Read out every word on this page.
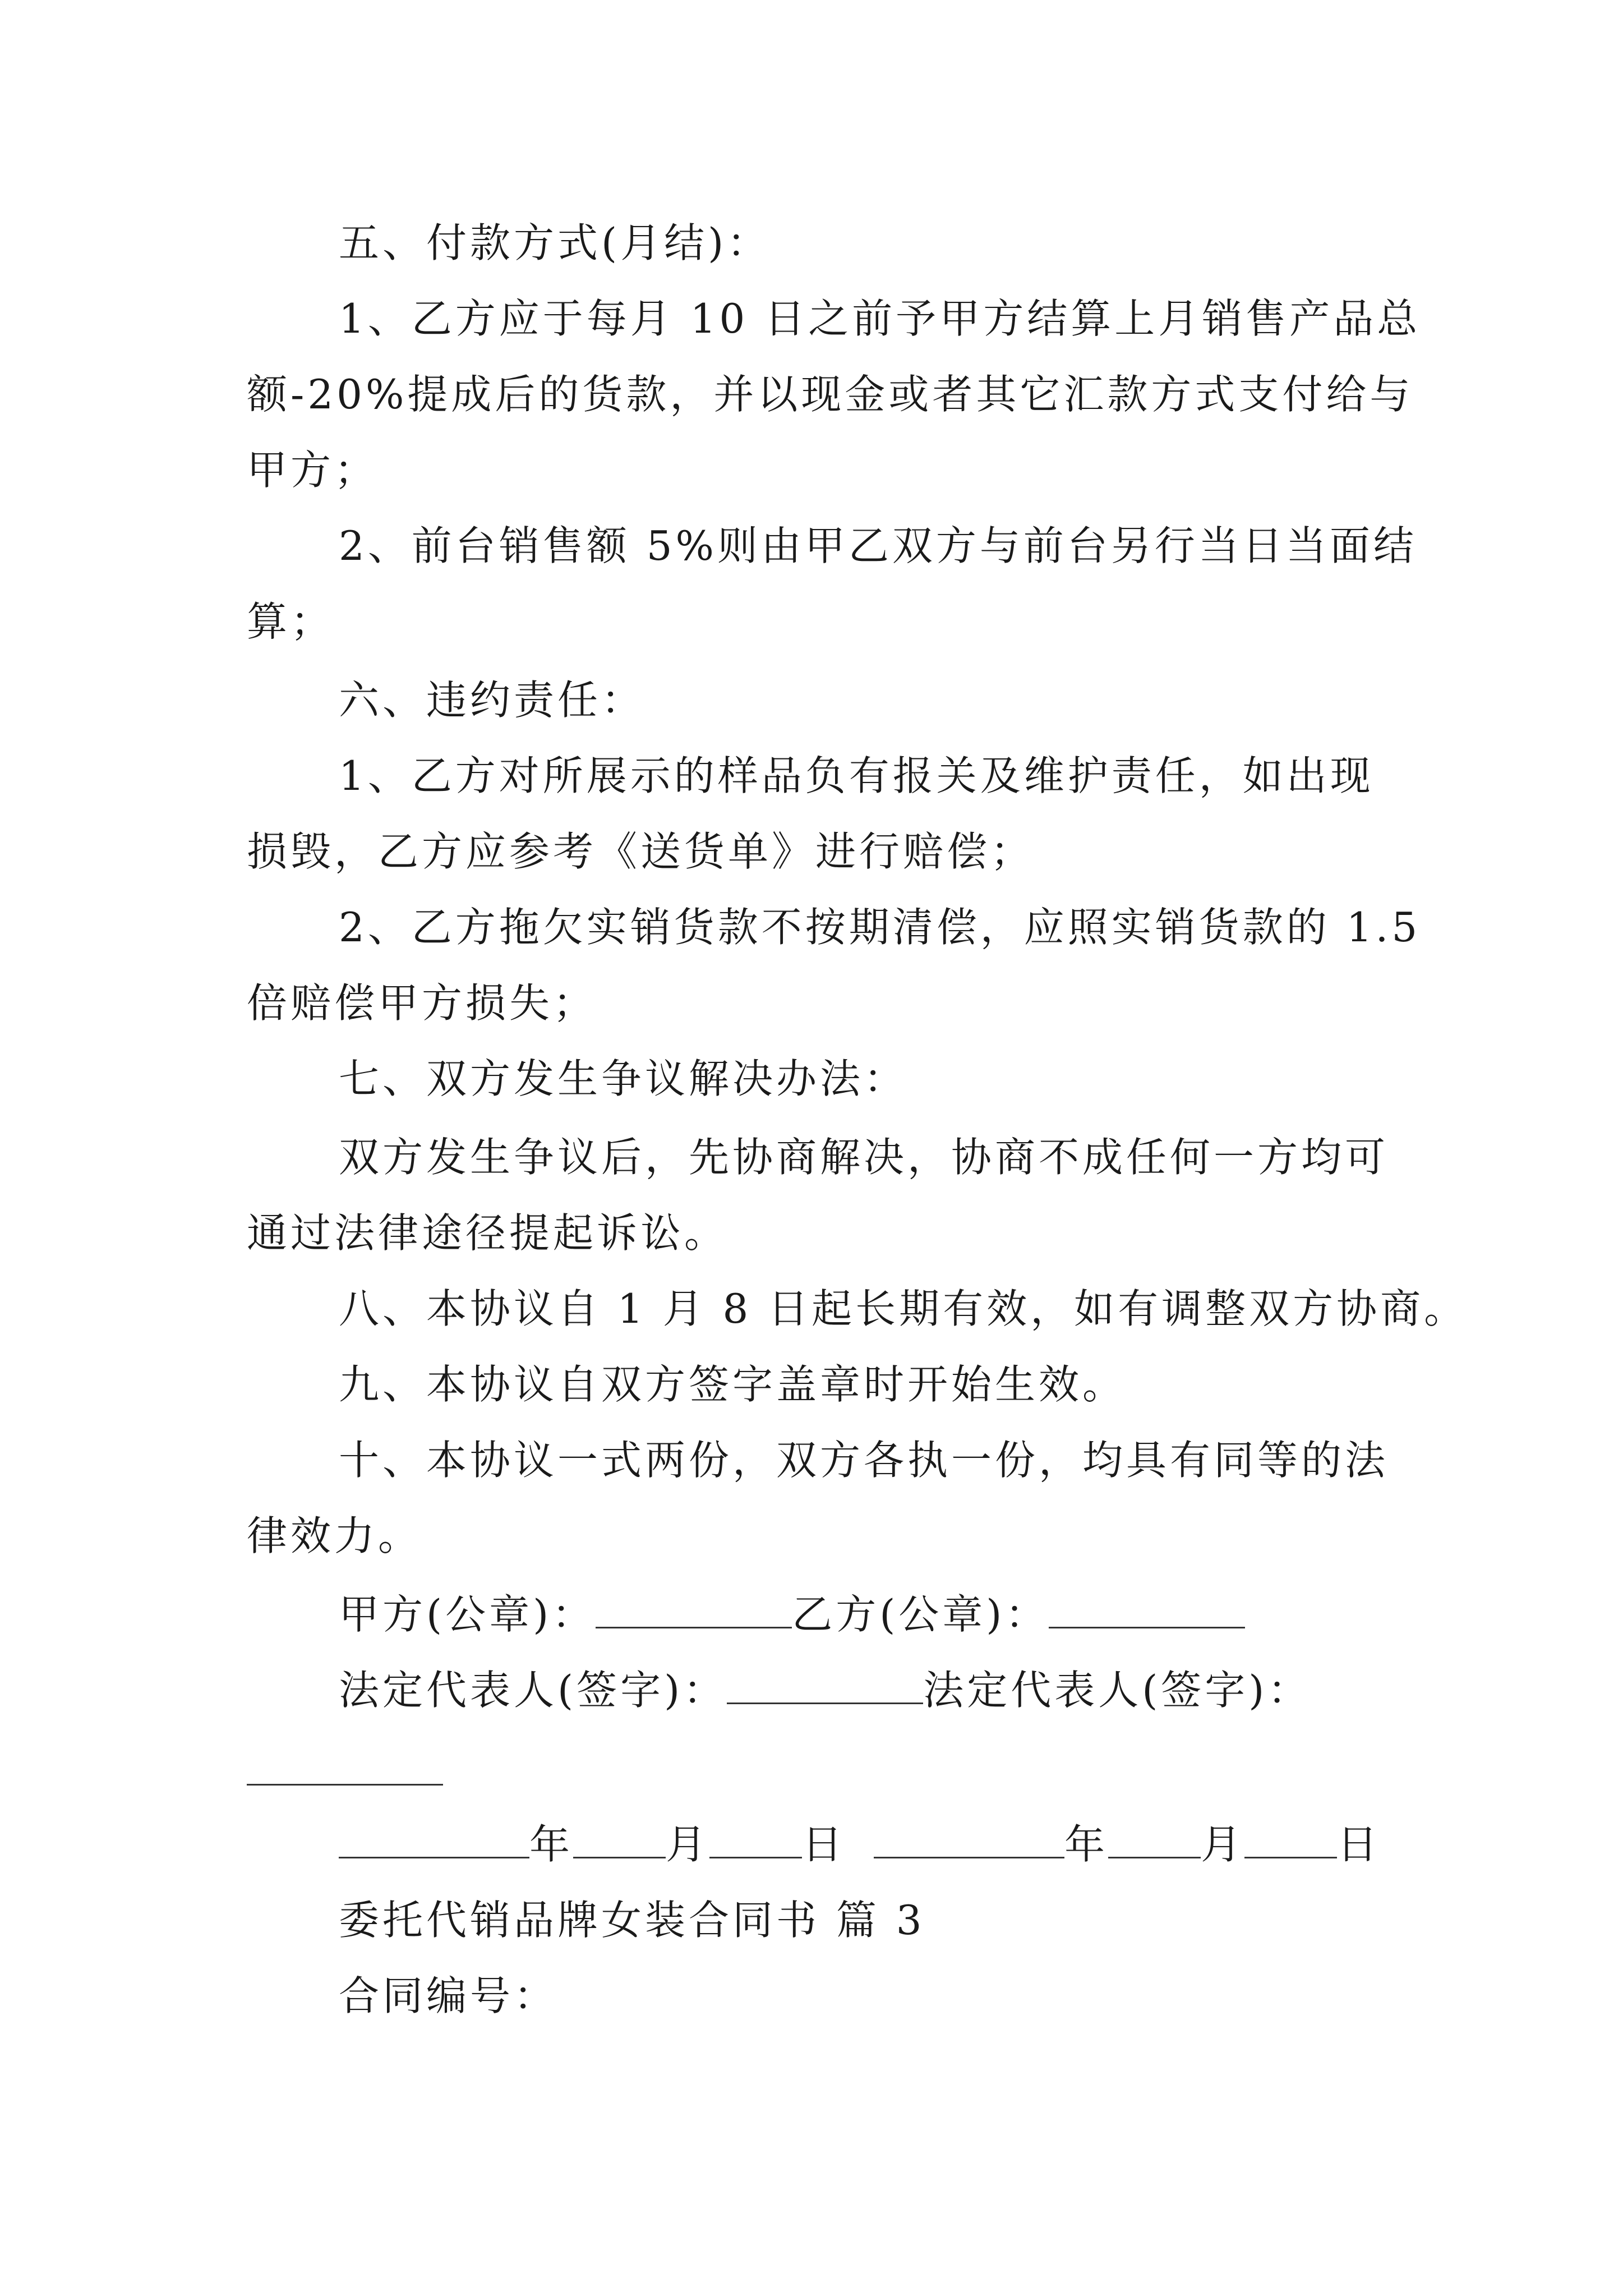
五、付款方式(月结)：
1、乙方应于每月 10 日之前予甲方结算上月销售产品总
额-20%提成后的货款，并以现金或者其它汇款方式支付给与
甲方；
2、前台销售额 5%则由甲乙双方与前台另行当日当面结
算；
六、违约责任：
1、乙方对所展示的样品负有报关及维护责任，如出现
损毁，乙方应参考《送货单》进行赔偿；
2、乙方拖欠实销货款不按期清偿，应照实销货款的 1.5
倍赔偿甲方损失；
七、双方发生争议解决办法：
双方发生争议后，先协商解决，协商不成任何一方均可
通过法律途径提起诉讼。
八、本协议自 1 月 8 日起长期有效，如有调整双方协商。
九、本协议自双方签字盖章时开始生效。
十、本协议一式两份，双方各执一份，均具有同等的法
律效力。
甲方(公章)：	乙方(公章)：
法定代表人(签字)：	法定代表人(签字)：
年 月 日	年 月 日
委托代销品牌女装合同书 篇 3
合同编号：
